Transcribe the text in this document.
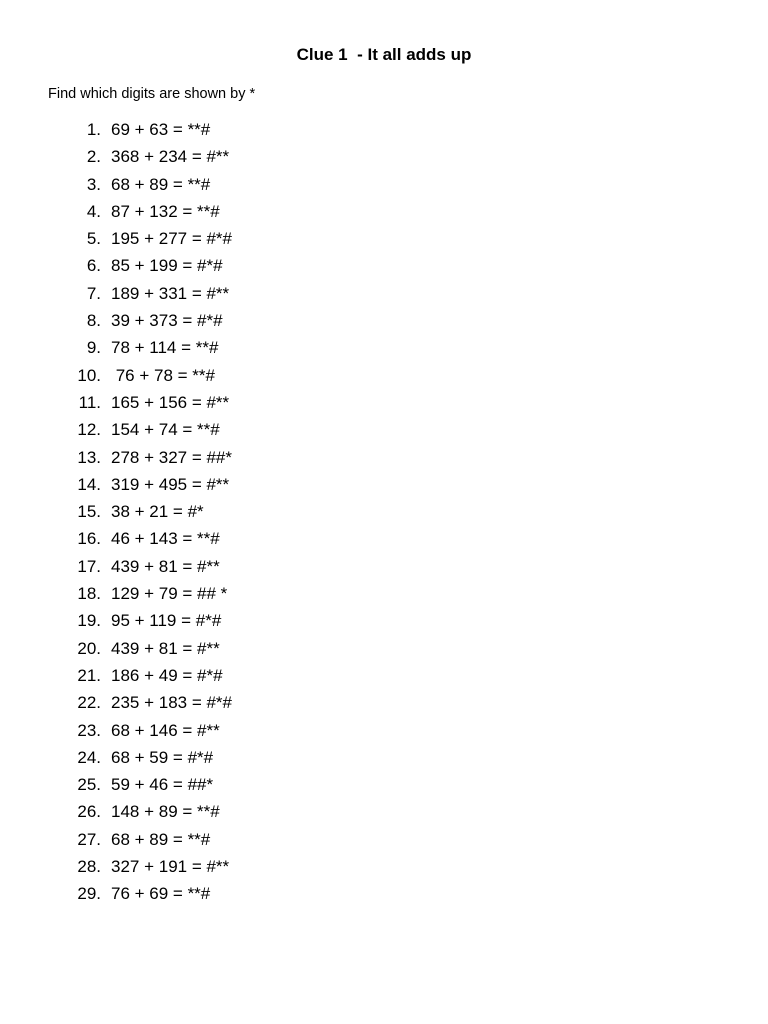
Clue 1  - It all adds up
Find which digits are shown by *
1. 69 + 63 = **#
2. 368 + 234 = #**
3. 68 + 89 = **#
4. 87 + 132 = **#
5. 195 + 277 = #*#
6. 85 + 199 = #*#
7. 189 + 331 = #**
8. 39 + 373 = #*#
9. 78 + 114 = **#
10. 76 + 78 = **#
11. 165 + 156 = #**
12. 154 + 74 = **#
13. 278 + 327 = ##*
14. 319 + 495 = #**
15. 38 + 21 = #*
16. 46 + 143 = **#
17. 439 + 81 = #**
18. 129 + 79 = ## *
19. 95 + 119 = #*#
20. 439 + 81 = #**
21. 186 + 49 = #*#
22. 235 + 183 = #*#
23. 68 + 146 = #**
24. 68 + 59 = #*#
25. 59 + 46 = ##*
26. 148 + 89 = **#
27. 68 + 89 = **#
28. 327 + 191 = #**
29. 76 + 69 = **#
